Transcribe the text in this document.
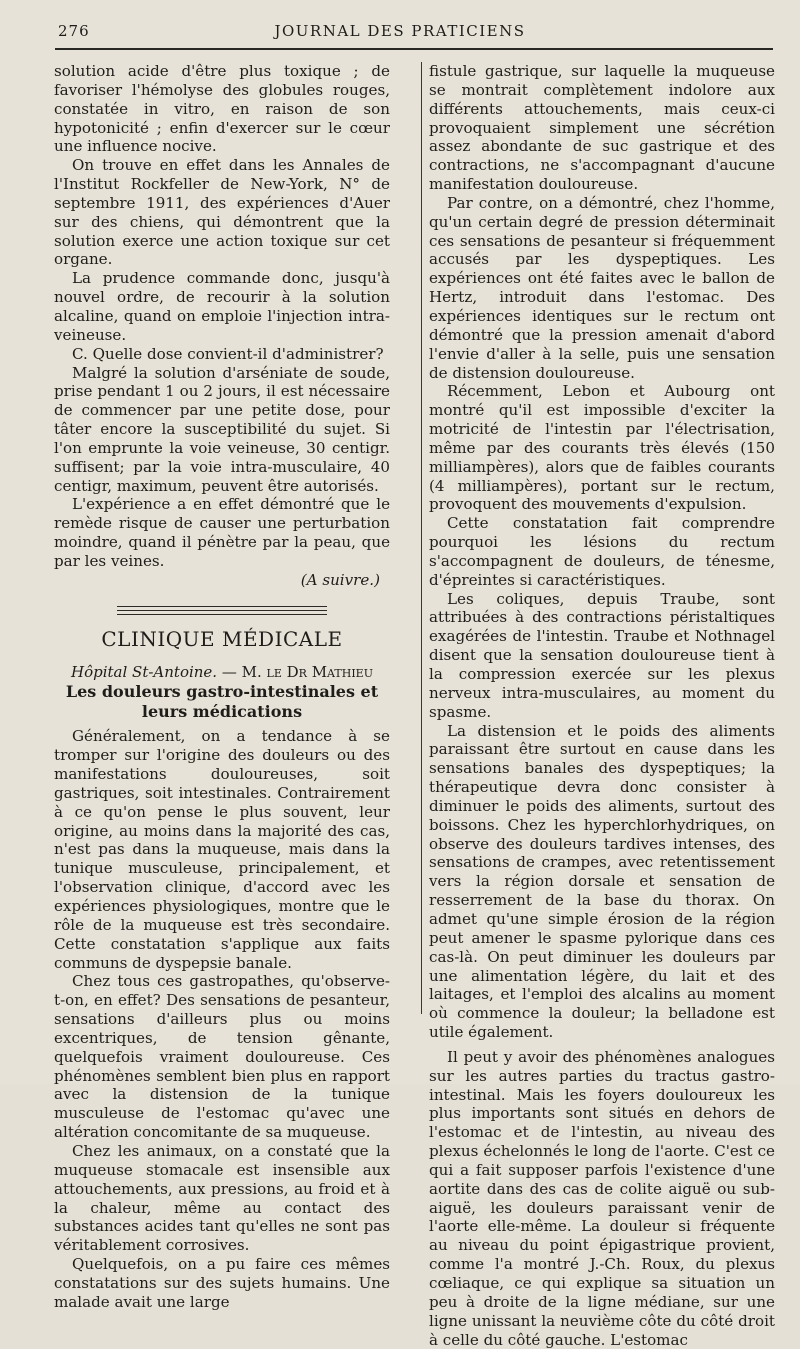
276	JOURNAL DES PRATICIENS

solution acide d'être plus toxique ; de favoriser l'hémolyse des globules rouges, constatée in vitro, en raison de son hypotonicité ; enfin d'exercer sur le cœur une influence nocive.

On trouve en effet dans les Annales de l'Institut Rockfeller de New-York, N° de septembre 1911, des expériences d'Auer sur des chiens, qui démontrent que la solution exerce une action toxique sur cet organe.

La prudence commande donc, jusqu'à nouvel ordre, de recourir à la solution alcaline, quand on emploie l'injection intra-veineuse.

C. Quelle dose convient-il d'administrer?

Malgré la solution d'arséniate de soude, prise pendant 1 ou 2 jours, il est nécessaire de commencer par une petite dose, pour tâter encore la susceptibilité du sujet. Si l'on emprunte la voie veineuse, 30 centigr. suffisent; par la voie intra-musculaire, 40 centigr, maximum, peuvent être autorisés.

L'expérience a en effet démontré que le remède risque de causer une perturbation moindre, quand il pénètre par la peau, que par les veines.

(A suivre.)

CLINIQUE MÉDICALE
Hôpital St-Antoine. — M. le Dr Mathieu
Les douleurs gastro-intestinales et leurs médications

Généralement, on a tendance à se tromper sur l'origine des douleurs ou des manifestations douloureuses, soit gastriques, soit intestinales. Contrairement à ce qu'on pense le plus souvent, leur origine, au moins dans la majorité des cas, n'est pas dans la muqueuse, mais dans la tunique musculeuse, principalement, et l'observation clinique, d'accord avec les expériences physiologiques, montre que le rôle de la muqueuse est très secondaire. Cette constatation s'applique aux faits communs de dyspepsie banale.

Chez tous ces gastropathes, qu'observe-t-on, en effet? Des sensations de pesanteur, sensations d'ailleurs plus ou moins excentriques, de tension gênante, quelquefois vraiment douloureuse. Ces phénomènes semblent bien plus en rapport avec la distension de la tunique musculeuse de l'estomac qu'avec une altération concomitante de sa muqueuse.

Chez les animaux, on a constaté que la muqueuse stomacale est insensible aux attouchements, aux pressions, au froid et à la chaleur, même au contact des substances acides tant qu'elles ne sont pas véritablement corrosives.

Quelquefois, on a pu faire ces mêmes constatations sur des sujets humains. Une malade avait une large

fistule gastrique, sur laquelle la muqueuse se montrait complètement indolore aux différents attouchements, mais ceux-ci provoquaient simplement une sécrétion assez abondante de suc gastrique et des contractions, ne s'accompagnant d'aucune manifestation douloureuse.

Par contre, on a démontré, chez l'homme, qu'un certain degré de pression déterminait ces sensations de pesanteur si fréquemment accusés par les dyspeptiques. Les expériences ont été faites avec le ballon de Hertz, introduit dans l'estomac. Des expériences identiques sur le rectum ont démontré que la pression amenait d'abord l'envie d'aller à la selle, puis une sensation de distension douloureuse.

Récemment, Lebon et Aubourg ont montré qu'il est impossible d'exciter la motricité de l'intestin par l'électrisation, même par des courants très élevés (150 milliampères), alors que de faibles courants (4 milliampères), portant sur le rectum, provoquent des mouvements d'expulsion.

Cette constatation fait comprendre pourquoi les lésions du rectum s'accompagnent de douleurs, de ténesme, d'épreintes si caractéristiques.

Les coliques, depuis Traube, sont attribuées à des contractions péristaltiques exagérées de l'intestin. Traube et Nothnagel disent que la sensation douloureuse tient à la compression exercée sur les plexus nerveux intra-musculaires, au moment du spasme.

La distension et le poids des aliments paraissant être surtout en cause dans les sensations banales des dyspeptiques; la thérapeutique devra donc consister à diminuer le poids des aliments, surtout des boissons. Chez les hyperchlorhydriques, on observe des douleurs tardives intenses, des sensations de crampes, avec retentissement vers la région dorsale et sensation de resserrement de la base du thorax. On admet qu'une simple érosion de la région peut amener le spasme pylorique dans ces cas-là. On peut diminuer les douleurs par une alimentation légère, du lait et des laitages, et l'emploi des alcalins au moment où commence la douleur; la belladone est utile également.

Il peut y avoir des phénomènes analogues sur les autres parties du tractus gastro-intestinal. Mais les foyers douloureux les plus importants sont situés en dehors de l'estomac et de l'intestin, au niveau des plexus échelonnés le long de l'aorte. C'est ce qui a fait supposer parfois l'existence d'une aortite dans des cas de colite aiguë ou sub-aiguë, les douleurs paraissant venir de l'aorte elle-même. La douleur si fréquente au niveau du point épigastrique provient, comme l'a montré J.-Ch. Roux, du plexus cœliaque, ce qui explique sa situation un peu à droite de la ligne médiane, sur une ligne unissant la neuvième côte du côté droit à celle du côté gauche. L'estomac
